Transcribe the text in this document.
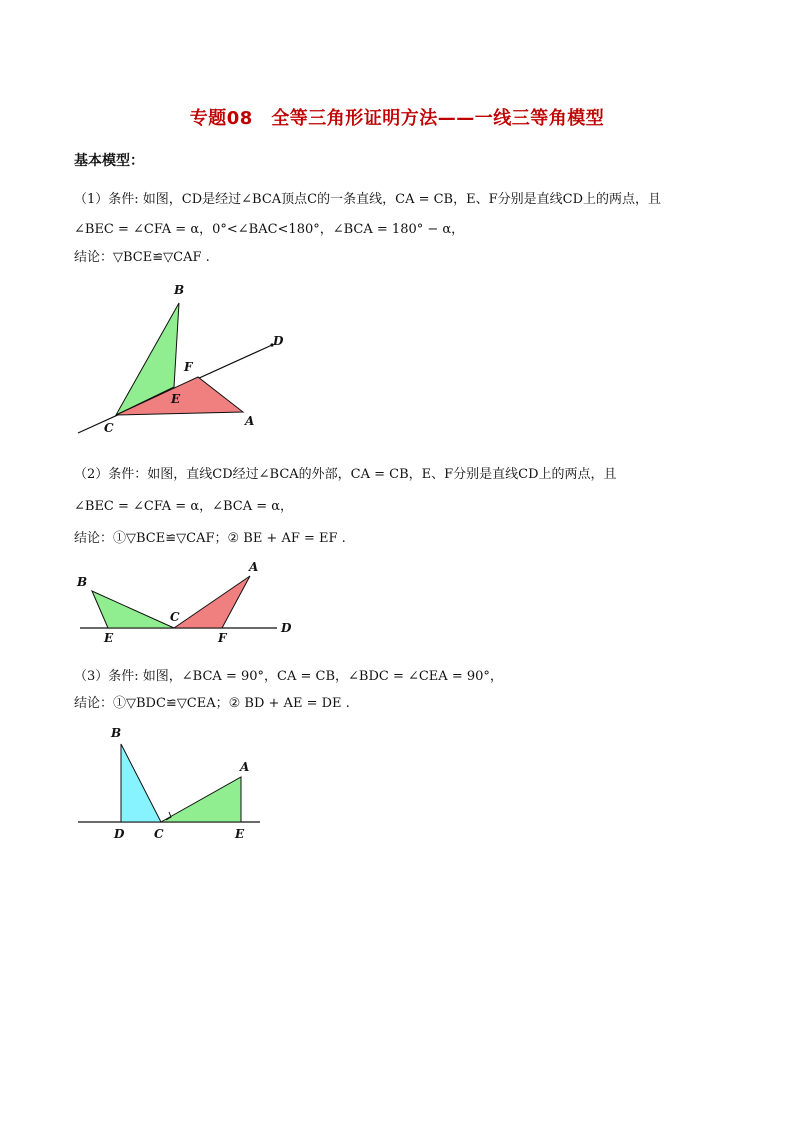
专题08　全等三角形证明方法——一线三等角模型
基本模型：
（1）条件: 如图，CD是经过∠BCA顶点C的一条直线，CA = CB，E、F分别是直线CD上的两点，且
∠BEC = ∠CFA = α，0°<∠BAC<180°，∠BCA = 180° − α，
结论：▽BCE≌▽CAF .
B
D
F
E
C	A
（2）条件：如图，直线CD经过∠BCA的外部，CA = CB，E、F分别是直线CD上的两点，且
∠BEC = ∠CFA = α，∠BCA = α，
结论：①▽BCE≌▽CAF；② BE + AF = EF .
B
A
C
E	F
D
（3）条件: 如图，∠BCA = 90°，CA = CB，∠BDC = ∠CEA = 90°，
结论：①▽BDC≌▽CEA；② BD + AE = DE .
B
A
D C	E
